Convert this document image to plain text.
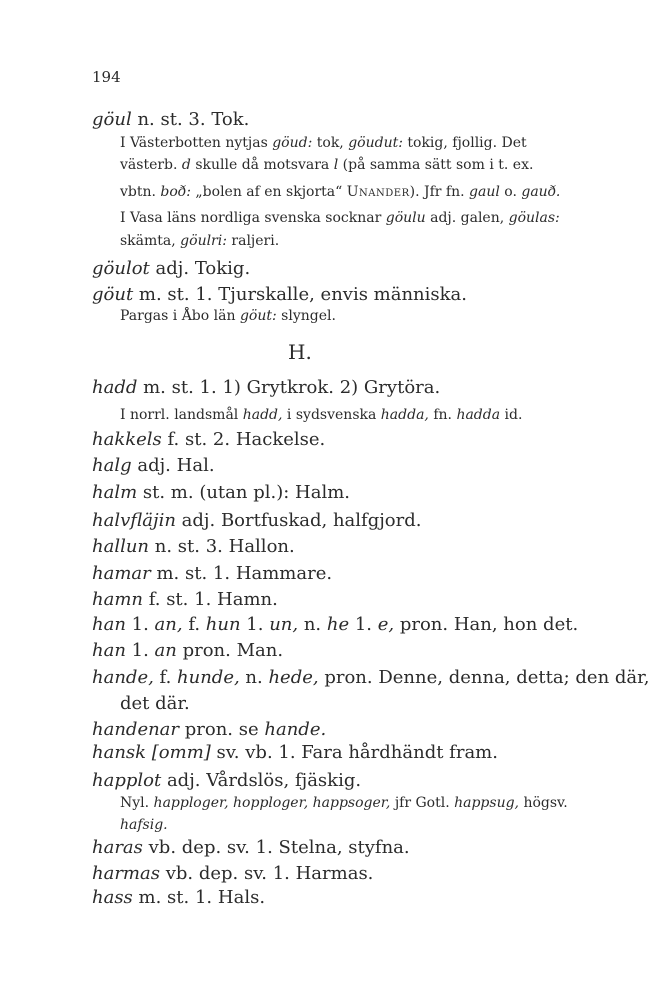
194
göul n. st. 3. Tok.
I Västerbotten nytjas göud: tok, göudut: tokig, fjollig. Det
västerb. d skulle då motsvara l (på samma sätt som i t. ex.
vbtn. boð: „bolen af en skjorta“ Unander). Jfr fn. gaul o. gauð.
I Vasa läns nordliga svenska socknar göulu adj. galen, göulas:
skämta, göulri: raljeri.
göulot adj. Tokig.
göut m. st. 1. Tjurskalle, envis människa.
Pargas i Åbo län göut: slyngel.
H.
hadd m. st. 1. 1) Grytkrok. 2) Grytöra.
I norrl. landsmål hadd, i sydsvenska hadda, fn. hadda id.
hakkels f. st. 2. Hackelse.
halg adj. Hal.
halm st. m. (utan pl.): Halm.
halvfläjin adj. Bortfuskad, halfgjord.
hallun n. st. 3. Hallon.
hamar m. st. 1. Hammare.
hamn f. st. 1. Hamn.
han 1. an, f. hun 1. un, n. he 1. e, pron. Han, hon det.
han 1. an pron. Man.
hande, f. hunde, n. hede, pron. Denne, denna, detta; den där,
det där.
handenar pron. se hande.
hansk [omm] sv. vb. 1. Fara hårdhändt fram.
happlot adj. Vårdslös, fjäskig.
Nyl. happloger, hopploger, happsoger, jfr Gotl. happsug, högsv.
hafsig.
haras vb. dep. sv. 1. Stelna, styfna.
harmas vb. dep. sv. 1. Harmas.
hass m. st. 1. Hals.
